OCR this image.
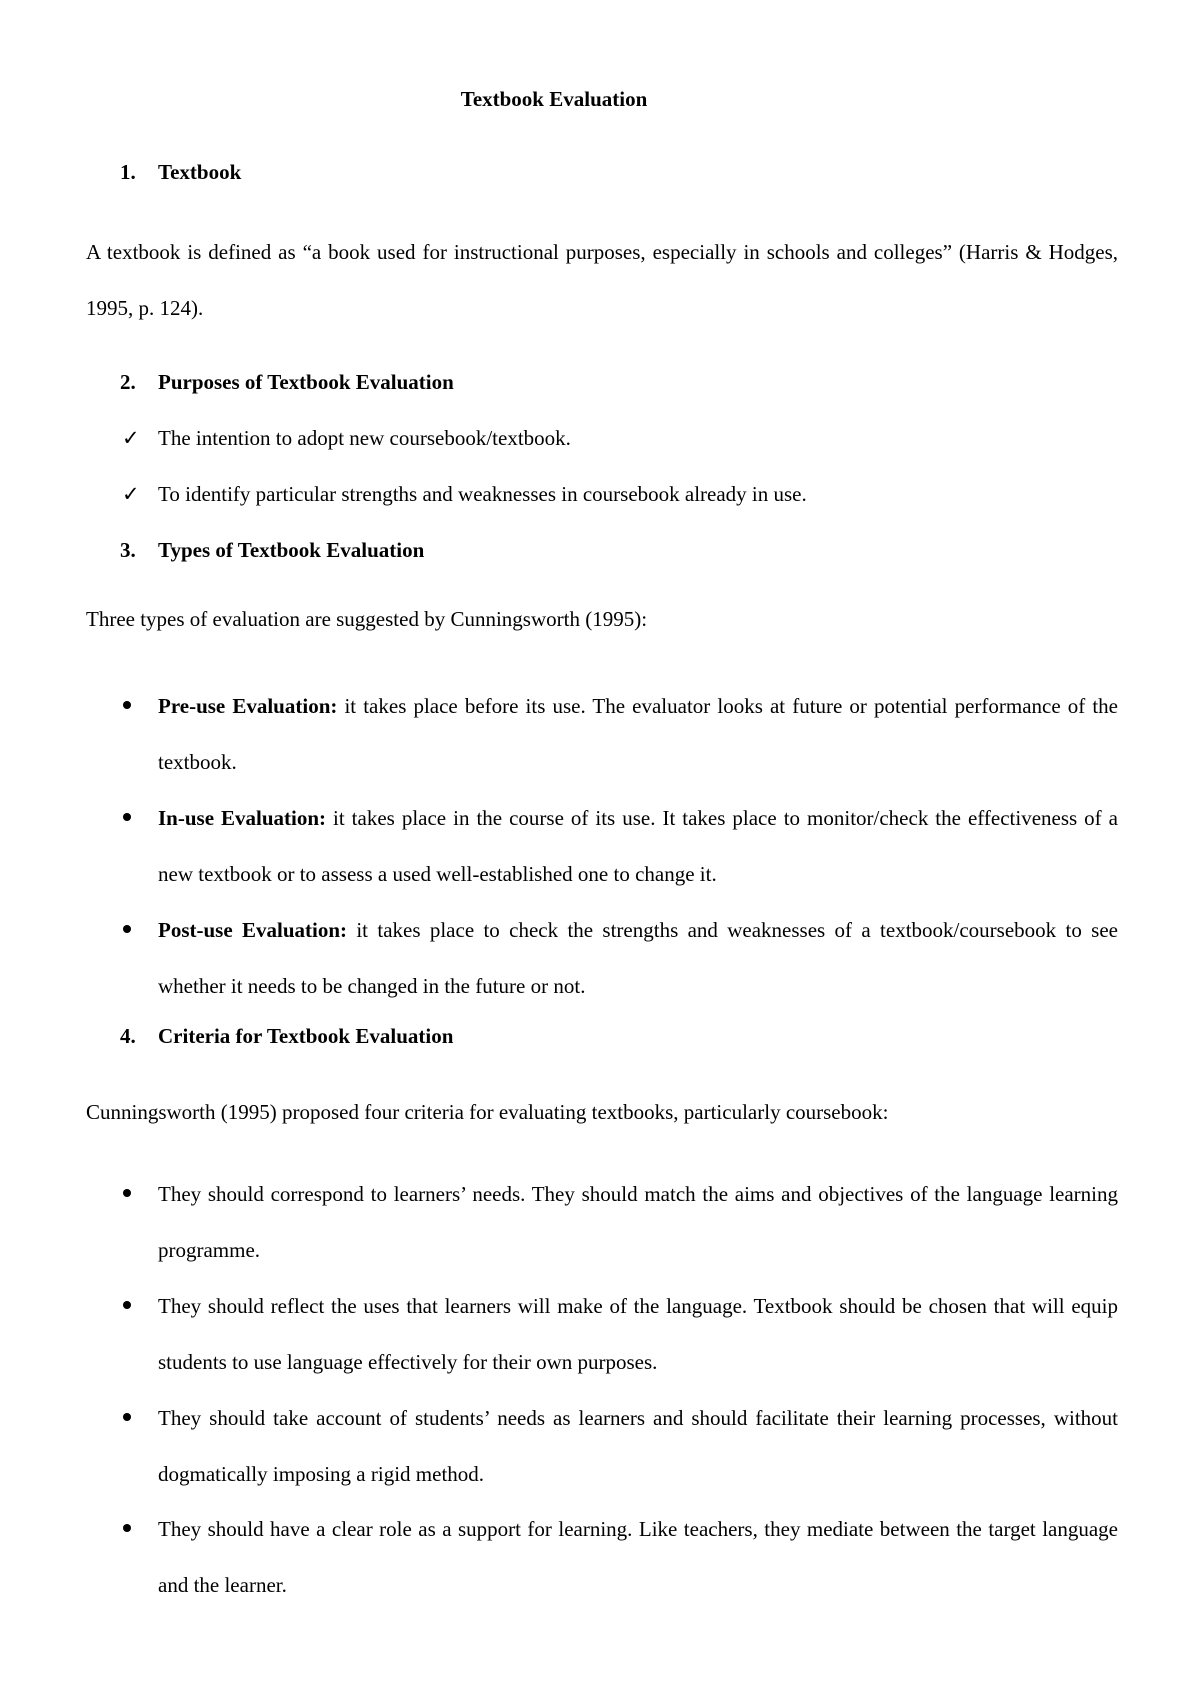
Textbook Evaluation
1. Textbook
A textbook is defined as “a book used for instructional purposes, especially in schools and colleges” (Harris & Hodges, 1995, p. 124).
2. Purposes of Textbook Evaluation
✓ The intention to adopt new coursebook/textbook.
✓ To identify particular strengths and weaknesses in coursebook already in use.
3. Types of Textbook Evaluation
Three types of evaluation are suggested by Cunningsworth (1995):
Pre-use Evaluation: it takes place before its use. The evaluator looks at future or potential performance of the textbook.
In-use Evaluation: it takes place in the course of its use. It takes place to monitor/check the effectiveness of a new textbook or to assess a used well-established one to change it.
Post-use Evaluation: it takes place to check the strengths and weaknesses of a textbook/coursebook to see whether it needs to be changed in the future or not.
4. Criteria for Textbook Evaluation
Cunningsworth (1995) proposed four criteria for evaluating textbooks, particularly coursebook:
They should correspond to learners’ needs. They should match the aims and objectives of the language learning programme.
They should reflect the uses that learners will make of the language. Textbook should be chosen that will equip students to use language effectively for their own purposes.
They should take account of students’ needs as learners and should facilitate their learning processes, without dogmatically imposing a rigid method.
They should have a clear role as a support for learning. Like teachers, they mediate between the target language and the learner.
